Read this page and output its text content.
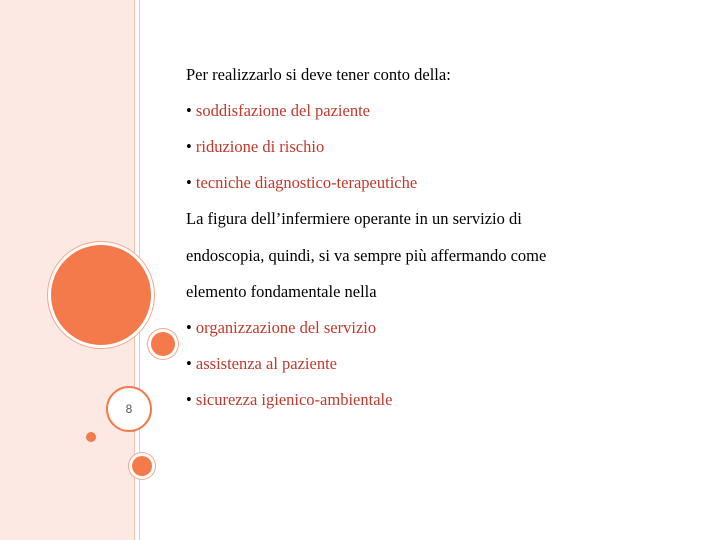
8
Per realizzarlo si deve tener conto della:
• soddisfazione del paziente
• riduzione di rischio
• tecniche diagnostico-terapeutiche
La figura dell’infermiere operante in un servizio di
endoscopia, quindi, si va sempre più affermando come
elemento fondamentale nella
• organizzazione del servizio
• assistenza al paziente
• sicurezza igienico-ambientale
